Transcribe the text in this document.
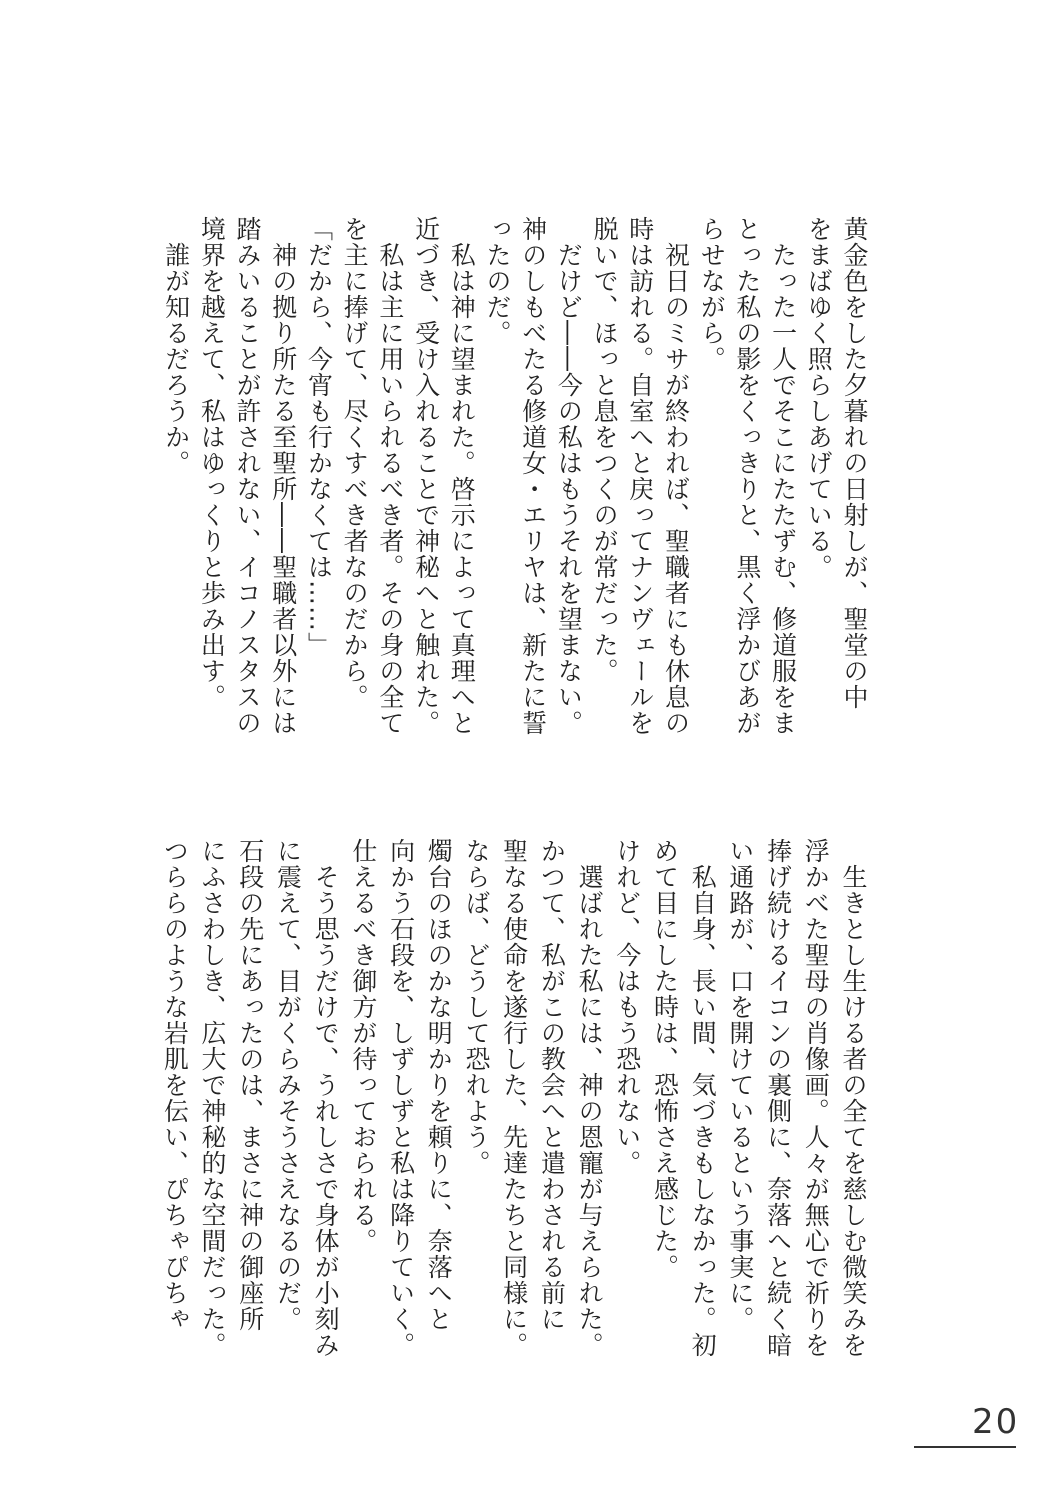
黄金色をした夕暮れの日射しが、聖堂の中
をまばゆく照らしあげている。
　たった一人でそこにたたずむ、修道服をま
とった私の影をくっきりと、黒く浮かびあが
らせながら。
　祝日のミサが終われば、聖職者にも休息の
時は訪れる。自室へと戻ってナンヴェールを
脱いで、ほっと息をつくのが常だった。
　だけど――今の私はもうそれを望まない。
神のしもべたる修道女・エリヤは、新たに誓
ったのだ。
　私は神に望まれた。啓示によって真理へと
近づき、受け入れることで神秘へと触れた。
　私は主に用いられるべき者。その身の全て
を主に捧げて、尽くすべき者なのだから。
「だから、今宵も行かなくては……」
　神の拠り所たる至聖所――聖職者以外には
踏みいることが許されない、イコノスタスの
境界を越えて、私はゆっくりと歩み出す。
　誰が知るだろうか。
　生きとし生ける者の全てを慈しむ微笑みを
浮かべた聖母の肖像画。人々が無心で祈りを
捧げ続けるイコンの裏側に、奈落へと続く暗
い通路が、口を開けているという事実に。
　私自身、長い間、気づきもしなかった。初
めて目にした時は、恐怖さえ感じた。
けれど、今はもう恐れない。
　選ばれた私には、神の恩寵が与えられた。
かつて、私がこの教会へと遣わされる前に
聖なる使命を遂行した、先達たちと同様に。
ならば、どうして恐れよう。
燭台のほのかな明かりを頼りに、奈落へと
向かう石段を、しずしずと私は降りていく。
仕えるべき御方が待っておられる。
　そう思うだけで、うれしさで身体が小刻み
に震えて、目がくらみそうさえなるのだ。
石段の先にあったのは、まさに神の御座所
にふさわしき、広大で神秘的な空間だった。
つららのような岩肌を伝い、ぴちゃぴちゃ
20
